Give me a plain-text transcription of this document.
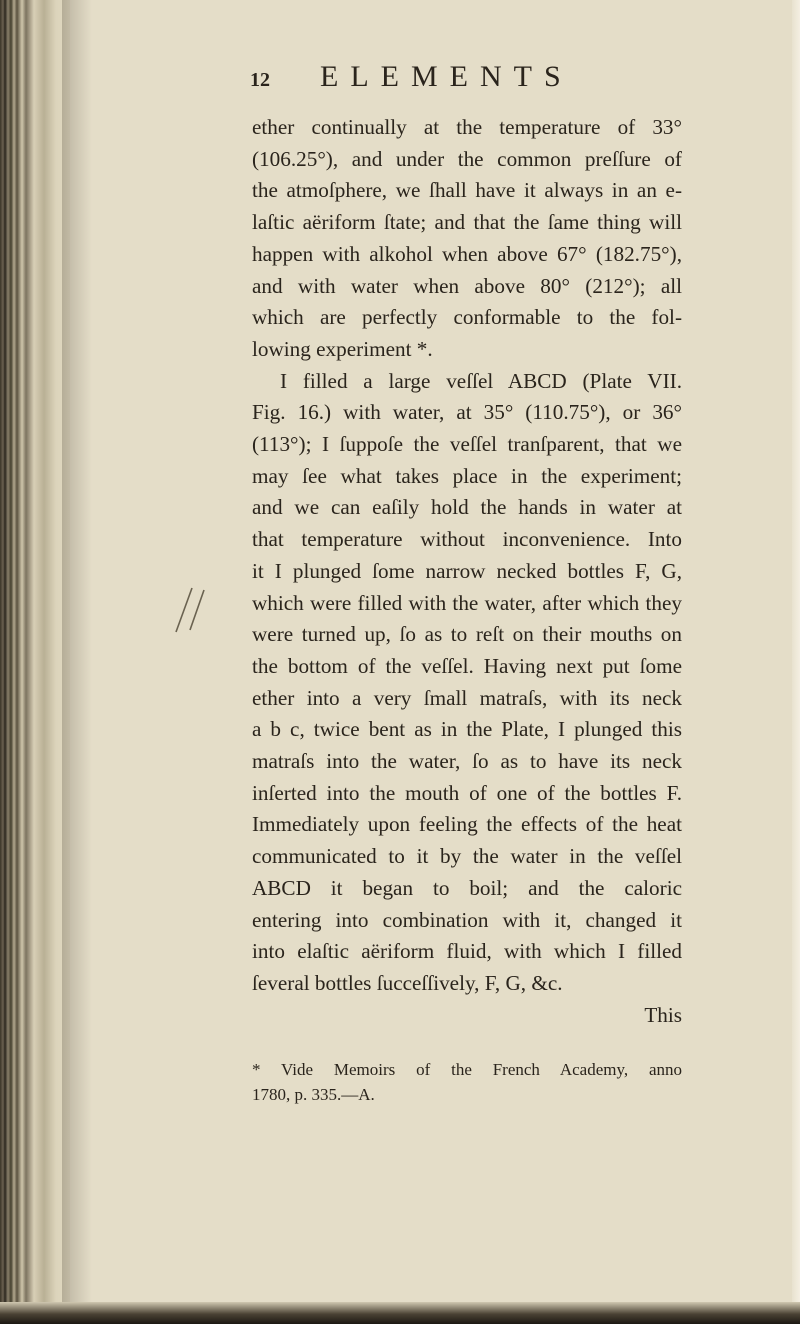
12	ELEMENTS
ether continually at the temperature of 33°
(106.25°), and under the common preſſure of
the atmoſphere, we ſhall have it always in an e-
laſtic aëriform ſtate; and that the ſame thing will
happen with alkohol when above 67° (182.75°),
and with water when above 80° (212°); all
which are perfectly conformable to the fol-
lowing experiment *.
I filled a large veſſel ABCD (Plate VII.
Fig. 16.) with water, at 35° (110.75°), or 36°
(113°); I ſuppoſe the veſſel tranſparent, that we
may ſee what takes place in the experiment;
and we can eaſily hold the hands in water at
that temperature without inconvenience. Into
it I plunged ſome narrow necked bottles F, G,
which were filled with the water, after which they
were turned up, ſo as to reſt on their mouths on
the bottom of the veſſel. Having next put ſome
ether into a very ſmall matraſs, with its neck
a b c, twice bent as in the Plate, I plunged this
matraſs into the water, ſo as to have its neck
inſerted into the mouth of one of the bottles F.
Immediately upon feeling the effects of the heat
communicated to it by the water in the veſſel
ABCD it began to boil; and the caloric
entering into combination with it, changed it
into elaſtic aëriform fluid, with which I filled
ſeveral bottles ſucceſſively, F, G, &c.
This
* Vide Memoirs of the French Academy, anno
1780, p. 335.—A.
